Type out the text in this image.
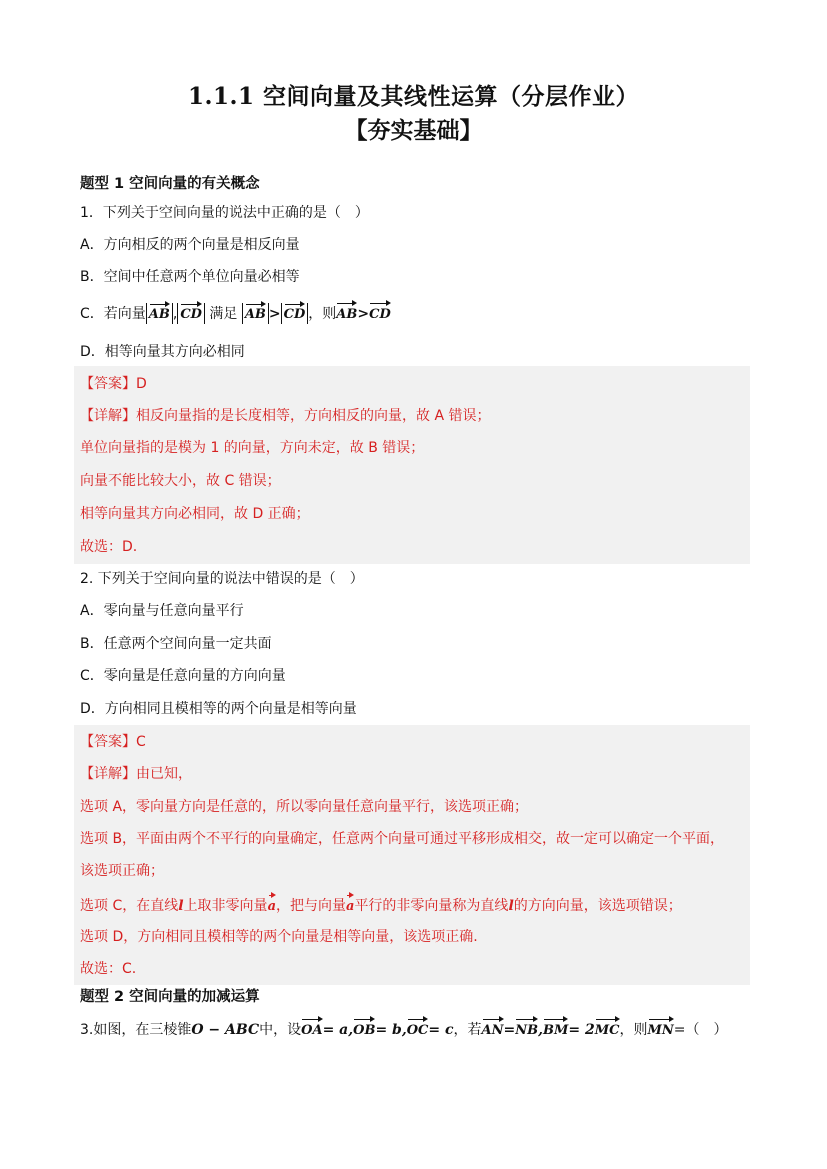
1.1.1 空间向量及其线性运算（分层作业）
【夯实基础】
题型 1 空间向量的有关概念
1．下列关于空间向量的说法中正确的是（　）
A．方向相反的两个向量是相反向量
B．空间中任意两个单位向量必相等
C．若向量 AB , CD 满足 AB > CD ，则AB>CD
D．相等向量其方向必相同
【答案】D
【详解】相反向量指的是长度相等，方向相反的向量，故 A 错误；
单位向量指的是模为 1 的向量，方向未定，故 B 错误；
向量不能比较大小，故 C 错误；
相等向量其方向必相同，故 D 正确；
故选：D.
2. 下列关于空间向量的说法中错误的是（　）
A．零向量与任意向量平行
B．任意两个空间向量一定共面
C．零向量是任意向量的方向向量
D．方向相同且模相等的两个向量是相等向量
【答案】C
【详解】由已知，
选项 A，零向量方向是任意的，所以零向量任意向量平行，该选项正确；
选项 B，平面由两个不平行的向量确定，任意两个向量可通过平移形成相交，故一定可以确定一个平面，
该选项正确；
选项 C，在直线l上取非零向量a，把与向量a平行的非零向量称为直线l的方向向量，该选项错误；
选项 D，方向相同且模相等的两个向量是相等向量，该选项正确.
故选：C.
题型 2 空间向量的加减运算
3.如图，在三棱锥O − ABC中，设OA= a,OB= b,OC= c，若AN=NB,BM= 2MC，则MN=（　）
